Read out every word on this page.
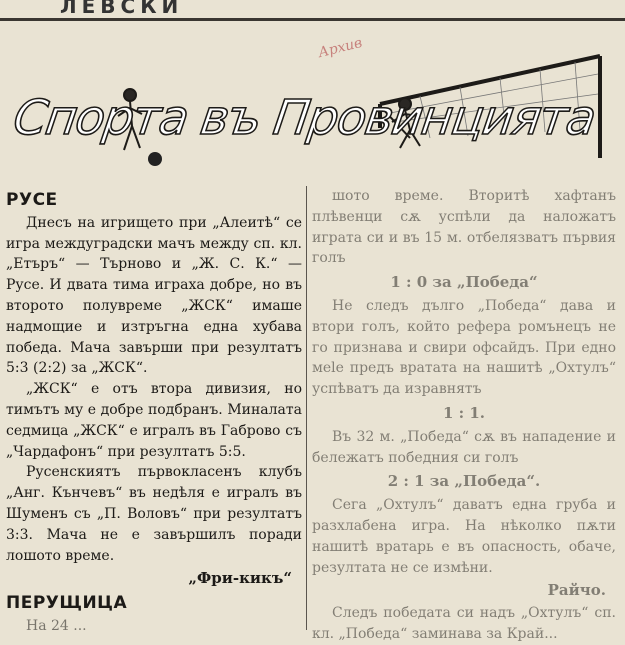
ЛЕВСКИ
Архив
Спорта въ Провинцията
РУСЕ

Днесъ на игрището при „Алеитѣ“ се игра междуградски мачъ между сп. кл. „Етъръ“ — Търново и „Ж. С. К.“ — Русе. И двата тима играха добре, но въ второто полувреме „ЖСК“ имаше надмощие и изтръгна една хубава победа. Мача завърши при резултатъ 5:3 (2:2) за „ЖСК“.

„ЖСК“ е отъ втора дивизия, но тимътъ му е добре подбранъ. Миналата седмица „ЖСК“ е игралъ въ Габрово съ „Чардафонъ“ при резултатъ 5:5.

Русенскиятъ първокласенъ клубъ „Анг. Кънчевъ“ въ недѣля е игралъ въ Шуменъ съ „П. Воловъ“ при резултатъ 3:3. Мача не е завършилъ поради лошото време.

„Фри-кикъ“
ПЕРУЩИЦА
На 24 ...

шото време. Вторитѣ хафтанъ плѣвенци сѫ успѣли да наложатъ играта си и въ 15 м. отбелязватъ първия голъ

1 : 0 за „Победа“

Не следъ дълго „Победа“ дава и втори голъ, който рефера ромънецъ не го признава и свири офсайдъ. При едно мele предъ вратата на нашитѣ „Охтулъ“ успѣватъ да изравнятъ

1 : 1.

Въ 32 м. „Победа“ сѫ въ нападение и бележатъ победния си голъ

2 : 1 за „Победа“.

Сега „Охтулъ“ даватъ една груба и разхлабена игра. На нѣколко пѫти нашитѣ вратарь е въ опасность, обаче, резултата не се измѣни.

Райчо.

Следъ победата си надъ „Охтулъ“ сп. кл. „Победа“ заминава за Край...
